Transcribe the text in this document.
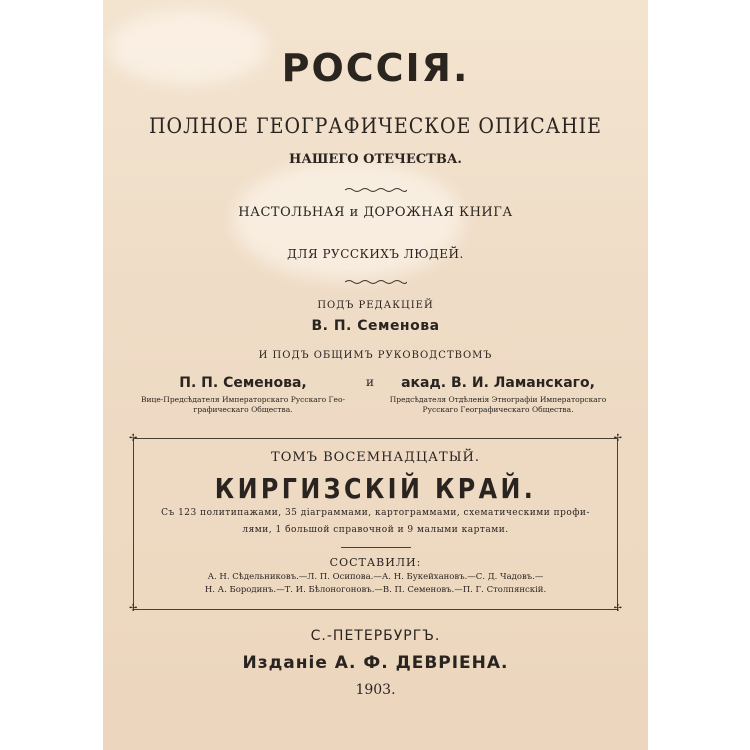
РОССIЯ.
ПОЛНОЕ ГЕОГРАФИЧЕСКОЕ ОПИСАНIЕ
НАШЕГО ОТЕЧЕСТВА.
НАСТОЛЬНАЯ и ДОРОЖНАЯ КНИГА
ДЛЯ РУССКИХЪ ЛЮДЕЙ.
ПОДЪ РЕДАКЦIЕЙ
В. П. Семенова
И ПОДЪ ОБЩИМЪ РУКОВОДСТВОМЪ
П. П. Семенова,
Вице-Предсѣдателя Императорскаго Русскаго Гео-
графическаго Общества.
и	акад. В. И. Ламанскаго,
Предсѣдателя Отдѣленiя Этнографiи Императорскаго
Русскаго Географическаго Общества.
✢	✢
✢	✢
ТОМЪ ВОСЕМНАДЦАТЫЙ.
КИРГИЗСКIЙ КРАЙ.
Съ 123 политипажами, 35 дiаграммами, картограммами, схематическими профи-
лями, 1 большой справочной и 9 малыми картами.
СОСТАВИЛИ:
А. Н. Сѣдельниковъ.—Л. П. Осипова.—А. Н. Букейхановъ.—С. Д. Чадовъ.—
Н. А. Бородинъ.—Т. И. Бѣлоногоновъ.—В. П. Семеновъ.—П. Г. Столпянскiй.
С.-ПЕТЕРБУРГЪ.
Изданiе А. Ф. ДЕВРIЕНА.
1903.
